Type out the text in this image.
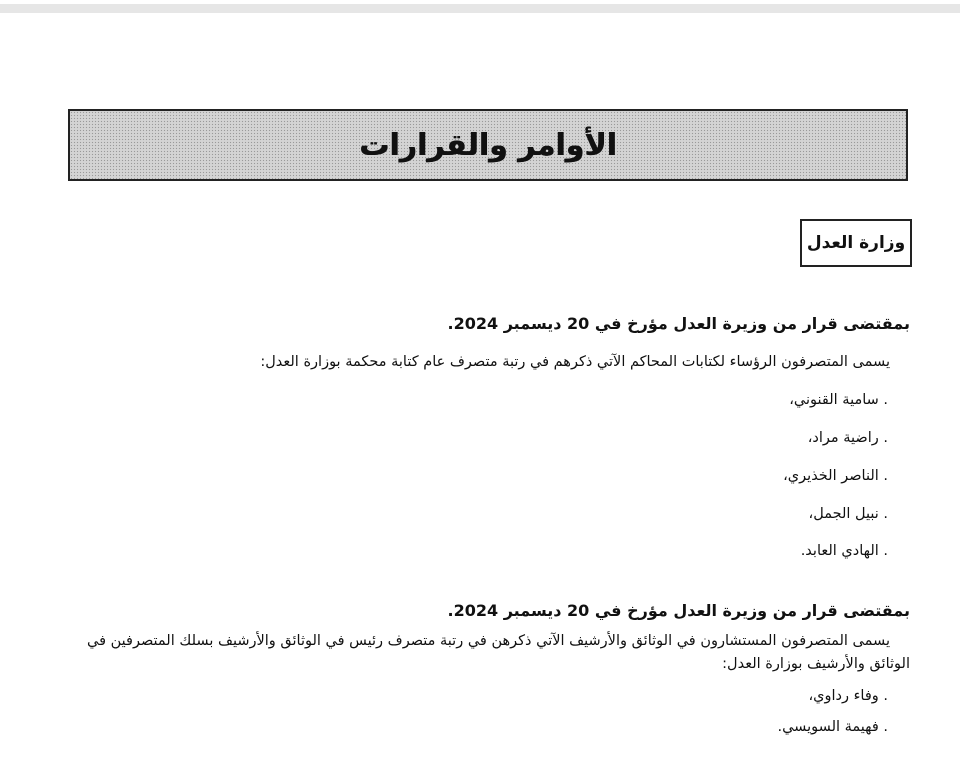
الأوامر والقرارات
وزارة العدل
بمقتضى قرار من وزيرة العدل مؤرخ في 20 ديسمبر 2024.
يسمى المتصرفون الرؤساء لكتابات المحاكم الآتي ذكرهم في رتبة متصرف عام كتابة محكمة بوزارة العدل:
. سامية القنوني،
. راضية مراد،
. الناصر الخذيري،
. نبيل الجمل،
. الهادي العابد.
بمقتضى قرار من وزيرة العدل مؤرخ في 20 ديسمبر 2024.
يسمى المتصرفون المستشارون في الوثائق والأرشيف الآتي ذكرهن في رتبة متصرف رئيس في الوثائق والأرشيف بسلك المتصرفين في
الوثائق والأرشيف بوزارة العدل:
. وفاء رداوي،
. فهيمة السويسي.
